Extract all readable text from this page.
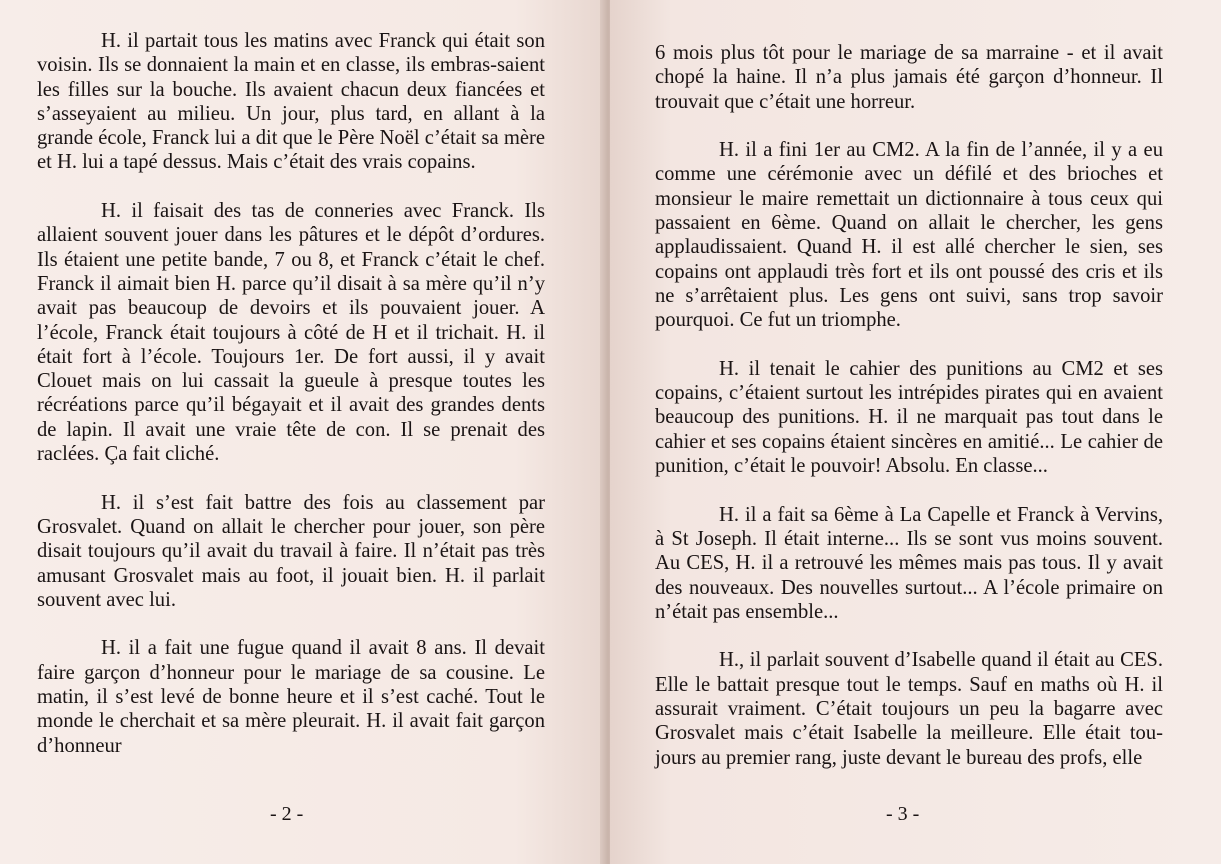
H. il partait tous les matins avec Franck qui était son voisin. Ils se donnaient la main et en classe, ils embras-saient les filles sur la bouche. Ils avaient chacun deux fiancées et s’asseyaient au milieu. Un jour, plus tard, en allant à la grande école, Franck lui a dit que le Père Noël c’était sa mère et H. lui a tapé dessus. Mais c’était des vrais copains.

H. il faisait des tas de conneries avec Franck. Ils allaient souvent jouer dans les pâtures et le dépôt d’ordures. Ils étaient une petite bande, 7 ou 8, et Franck c’était le chef. Franck il aimait bien H. parce qu’il disait à sa mère qu’il n’y avait pas beaucoup de devoirs et ils pouvaient jouer. A l’école, Franck était toujours à côté de H et il trichait. H. il était fort à l’école. Toujours 1er. De fort aussi, il y avait Clouet mais on lui cassait la gueule à presque toutes les récréations parce qu’il bégayait et il avait des grandes dents de lapin. Il avait une vraie tête de con. Il se prenait des raclées. Ça fait cliché.

H. il s’est fait battre des fois au classement par Grosvalet. Quand on allait le chercher pour jouer, son père disait toujours qu’il avait du travail à faire. Il n’était pas très amusant Grosvalet mais au foot, il jouait bien. H. il parlait souvent avec lui.

H. il a fait une fugue quand il avait 8 ans. Il devait faire garçon d’honneur pour le mariage de sa cousine. Le matin, il s’est levé de bonne heure et il s’est caché. Tout le monde le cherchait et sa mère pleurait. H. il avait fait garçon d’honneur

- 2 -

6 mois plus tôt pour le mariage de sa marraine - et il avait chopé la haine. Il n’a plus jamais été garçon d’honneur. Il trouvait que c’était une horreur.

H. il a fini 1er au CM2. A la fin de l’année, il y a eu comme une cérémonie avec un défilé et des brioches et monsieur le maire remettait un dictionnaire à tous ceux qui passaient en 6ème. Quand on allait le chercher, les gens applaudissaient. Quand H. il est allé chercher le sien, ses copains ont applaudi très fort et ils ont poussé des cris et ils ne s’arrêtaient plus. Les gens ont suivi, sans trop savoir pourquoi. Ce fut un triomphe.

H. il tenait le cahier des punitions au CM2 et ses copains, c’étaient surtout les intrépides pirates qui en avaient beaucoup des punitions. H. il ne marquait pas tout dans le cahier et ses copains étaient sincères en amitié... Le cahier de punition, c’était le pouvoir! Absolu. En classe...

H. il a fait sa 6ème à La Capelle et Franck à Vervins, à St Joseph. Il était interne... Ils se sont vus moins souvent. Au CES, H. il a retrouvé les mêmes mais pas tous. Il y avait des nouveaux. Des nouvelles surtout... A l’école primaire on n’était pas ensemble...

H., il parlait souvent d’Isabelle quand il était au CES. Elle le battait presque tout le temps. Sauf en maths où H. il assurait vraiment. C’était toujours un peu la bagarre avec Grosvalet mais c’était Isabelle la meilleure. Elle était tou-jours au premier rang, juste devant le bureau des profs, elle

- 3 -
